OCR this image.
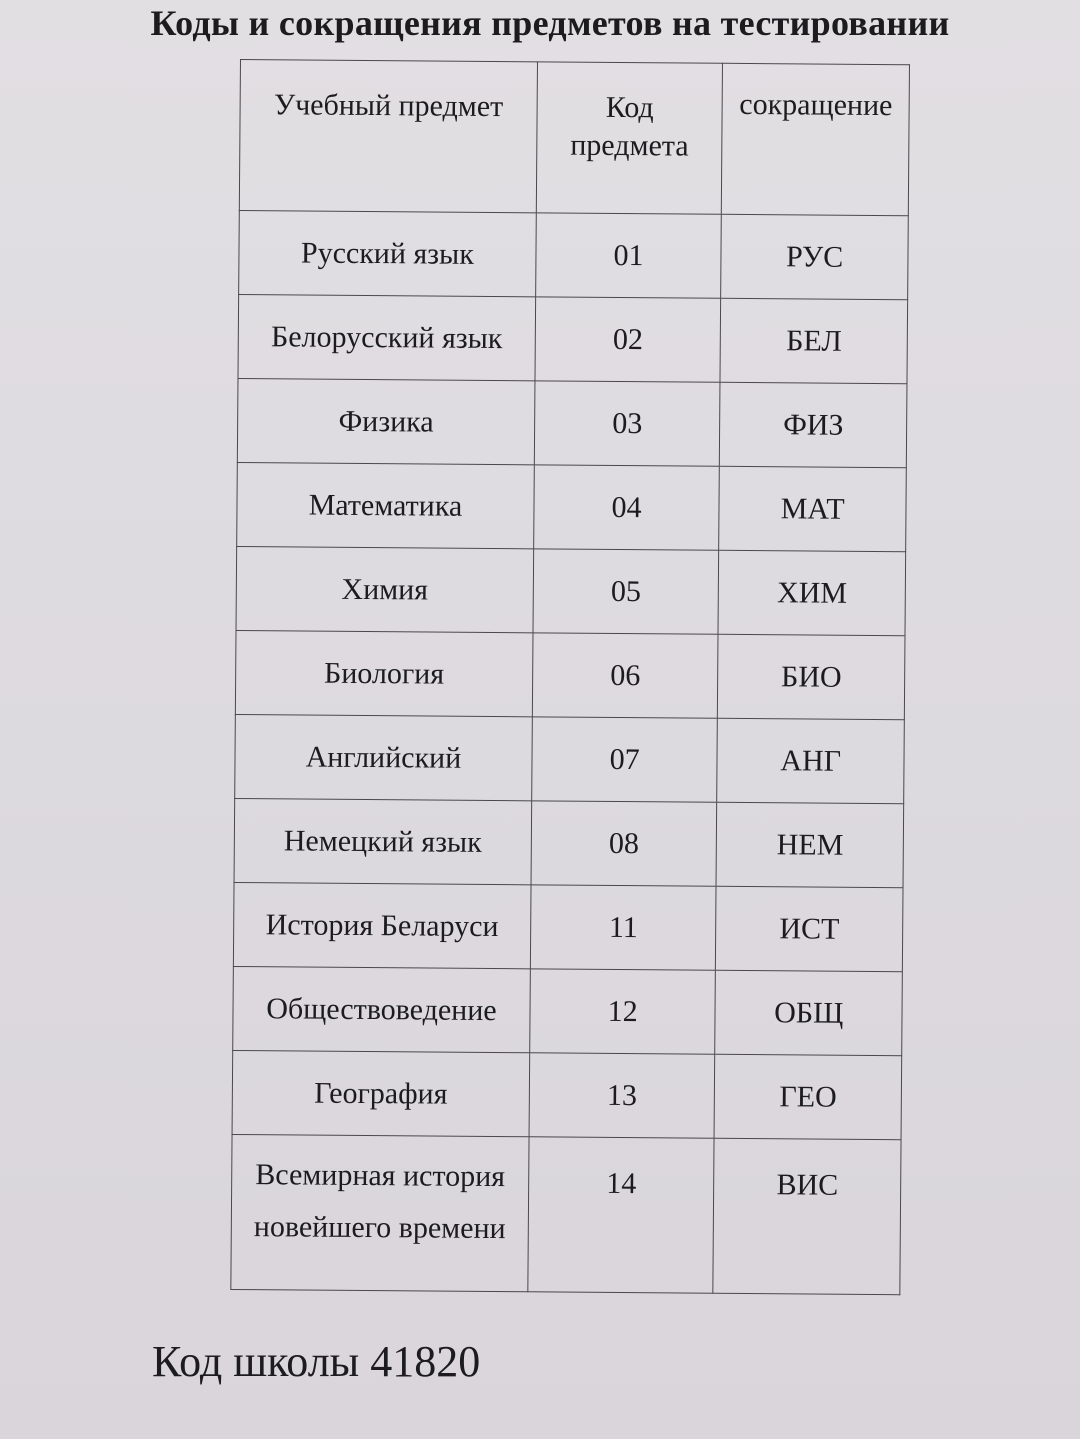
Коды и сокращения предметов на тестировании
Учебный предмет	Код предмета	сокращение
Русский язык	01	РУС
Белорусский язык	02	БЕЛ
Физика	03	ФИЗ
Математика	04	МАТ
Химия	05	ХИМ
Биология	06	БИО
Английский	07	АНГ
Немецкий язык	08	НЕМ
История Беларуси	11	ИСТ
Обществоведение	12	ОБЩ
География	13	ГЕО
Всемирная история новейшего времени	14	ВИС
Код школы 41820
